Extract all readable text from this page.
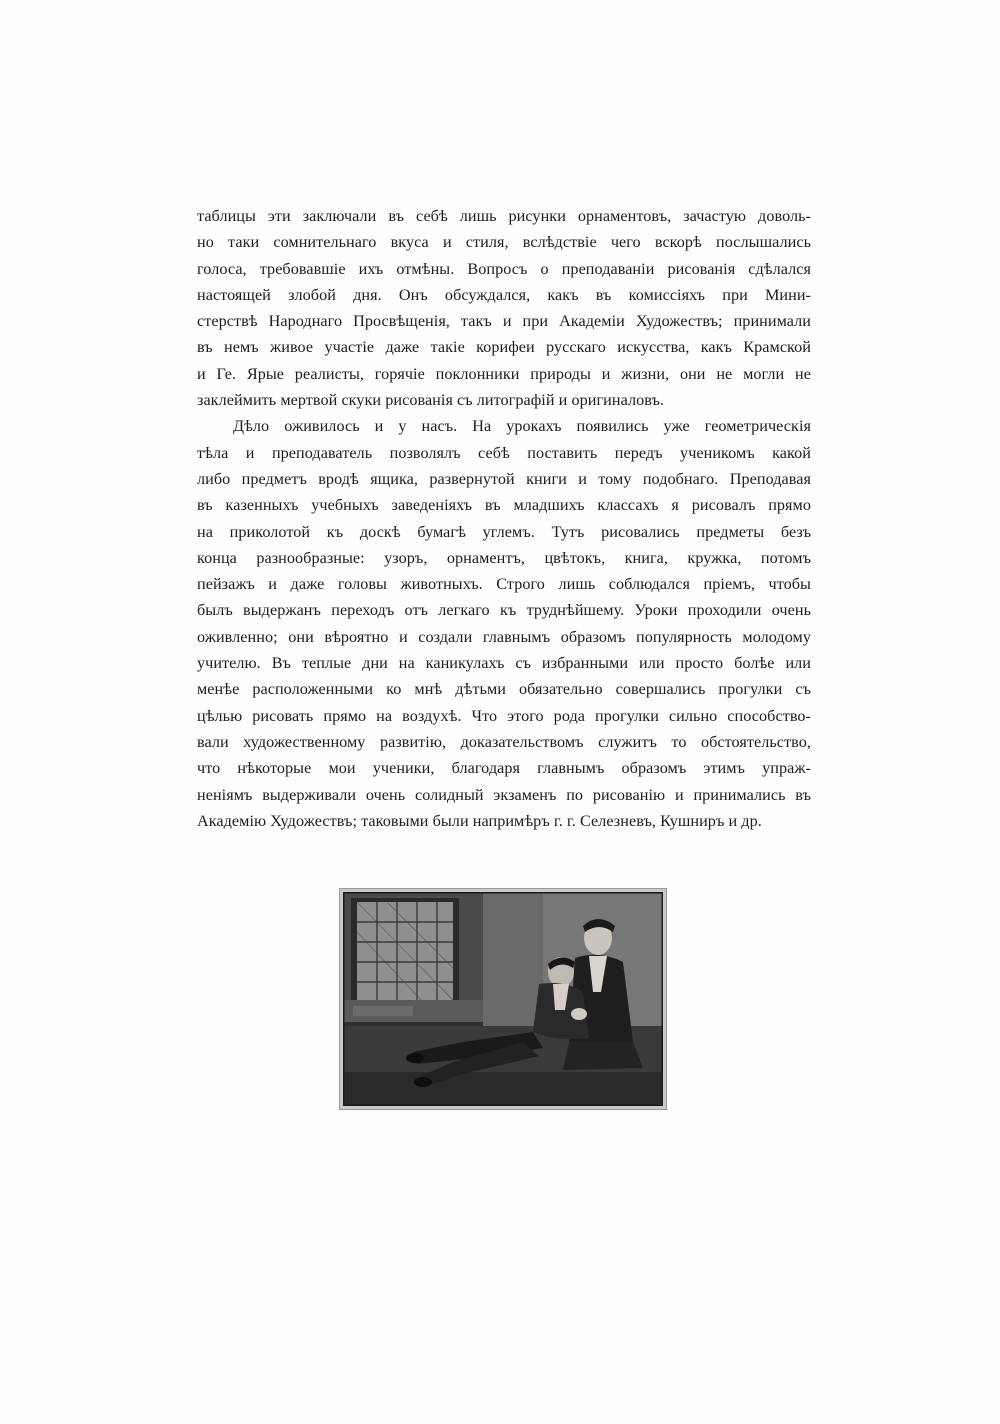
таблицы эти заключали въ себѣ лишь рисунки орнаментовъ, зачастую доволь-
но таки сомнительнаго вкуса и стиля, вслѣдствіе чего вскорѣ послышались
голоса, требовавшіе ихъ отмѣны. Вопросъ о преподаваніи рисованія сдѣлался
настоящей злобой дня. Онъ обсуждался, какъ въ комиссіяхъ при Мини-
стерствѣ Народнаго Просвѣщенія, такъ и при Академіи Художествъ; принимали
въ немъ живое участіе даже такіе корифеи русскаго искусства, какъ Крамской
и Ге. Ярые реалисты, горячіе поклонники природы и жизни, они не могли не
заклеймить мертвой скуки рисованія съ литографій и оригиналовъ.
Дѣло оживилось и у насъ. На урокахъ появились уже геометрическія
тѣла и преподаватель позволялъ себѣ поставить передъ ученикомъ какой
либо предметъ вродѣ ящика, развернутой книги и тому подобнаго. Преподавая
въ казенныхъ учебныхъ заведеніяхъ въ младшихъ классахъ я рисовалъ прямо
на приколотой къ доскѣ бумагѣ углемъ. Тутъ рисовались предметы безъ
конца разнообразные: узоръ, орнаментъ, цвѣтокъ, книга, кружка, потомъ
пейзажъ и даже головы животныхъ. Строго лишь соблюдался пріемъ, чтобы
былъ выдержанъ переходъ отъ легкаго къ труднѣйшему. Уроки проходили очень
оживленно; они вѣроятно и создали главнымъ образомъ популярность молодому
учителю. Въ теплые дни на каникулахъ съ избранными или просто болѣе или
менѣе расположенными ко мнѣ дѣтьми обязательно совершались прогулки съ
цѣлью рисовать прямо на воздухѣ. Что этого рода прогулки сильно способство-
вали художественному развитію, доказательствомъ служитъ то обстоятельство,
что нѣкоторые мои ученики, благодаря главнымъ образомъ этимъ упраж-
неніямъ выдерживали очень солидный экзаменъ по рисованію и принимались въ
Академію Художествъ; таковыми были напримѣръ г. г. Селезневъ, Кушниръ и др.
